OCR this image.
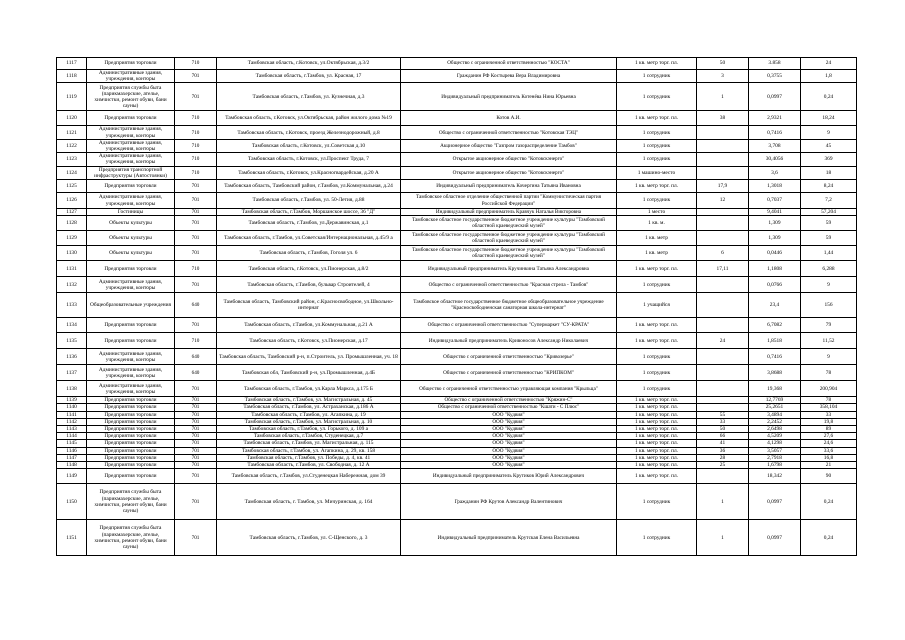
1117	Предприятия торговли	710	Тамбовская область, г.Котовск, ул.Октябрьская, д.3/2	Общество с ограниченной ответственностью "КОСТА"	1 кв. метр торг. пл.	50	3.858	24
1118	Административные здания, учреждения, конторы	701	Тамбовская область, г.Тамбов, ул. Красная, 17	Гражданин РФ Костырева Вера Владимировна	1 сотрудник	3	0,3755	1,8
1119	Предприятия службы быта (парикмахерские, ателье, химчистки, ремонт обуви, бани сауны)	701	Тамбовская область, г.Тамбов, ул. Кузнечная, д.3	Индивидуальный предприниматель Котенёва Нина Юрьевна	1 сотрудник	1	0,0997	0,24
1120	Предприятия торговли	710	Тамбовская область, г.Котовск, ул.Октябрьская, район жилого дома №19	Котов А.И.	1 кв. метр торг. пл.	38	2,9321	18,24
1121	Административные здания, учреждения, конторы	710	Тамбовская область, г.Котовск, проезд Железнодорожный, д.8	Общество с ограниченной ответственностью "Котовская ТЭЦ"	1 сотрудник		0,7416	9
1122	Административные здания, учреждения, конторы	710	Тамбовская область, г.Котовск, ул.Советская д.10	Акционерное общество "Газпром газораспределение Тамбов"	1 сотрудник		3,708	45
1123	Административные здания, учреждения, конторы	710	Тамбовская область, г.Котовск, ул.Проспект Труда, 7	Открытое акционерное общество "Котовскэнерго"	1 сотрудник		30,4056	369
1124	Предприятия транспортной инфраструктуры (Автостоянки)	710	Тамбовская область, г.Котовск, ул.Красногвардейская, д.20 А	Открытое акционерное общество "Котовскэнерго"	1 машино-место		3,6	18
1125	Предприятия торговли	701	Тамбовская область, Тамбовский район, г.Тамбов, ул.Коммунальная, д.24	Индивидуальный предприниматель Кочергина Татьяна Ивановна	1 кв. метр торг. пл.	17,9	1,3018	8,24
1126	Административные здания, учреждения, конторы	701	Тамбовская область, г.Тамбов, ул. 50-Летия, д.88	Тамбовское областное отделение общественной партии "Коммунистическая партия Российской Федерации"	1 сотрудник	12	0,7037	7,2
1127	Гостиницы	701	Тамбовская область, г.Тамбов, Моршанское шоссе, 36 "Д"	Индивидуальный предприниматель Кравчук Наталья Викторовна	1 место		9,4041	57,204
1128	Объекты культуры	701	Тамбовская область, г.Тамбов, ул.Державинская, д.1	Тамбовское областное государственное бюджетное учреждение культуры "Тамбовский областной краеведческий музей"	1 кв. м.		1,309	59
1129	Объекты культуры	701	Тамбовская область, г.Тамбов, ул.Советская/Интернациональная, д.45/9 а	Тамбовское областное государственное бюджетное учреждение культуры "Тамбовский областной краеведческий музей"	1 кв. метр		1,309	59
1130	Объекты культуры	701	Тамбовская область, г.Тамбов, Гоголя ул. 6	Тамбовское областное государственное бюджетное учреждение культуры "Тамбовский областной краеведческий музей"	1 кв. метр	6	0,0446	1,44
1131	Предприятия торговли	710	Тамбовская область, г.Котовск, ул.Пионерская, д.8/2	Индивидуальный предприниматель Кручинкина Татьяна Александровна	1 кв. метр торг. пл.	17,11	1,1808	6,288
1132	Административные здания, учреждения, конторы	701	Тамбовская область, г.Тамбов, бульвар Строителей, 4	Общество с ограниченной ответственностью "Красная стрела - Тамбов"	1 сотрудник		0,0766	9
1133	Общеобразовательные учреждения	640	Тамбовская область, Тамбовский район, с.Красносвободное, ул.Школьно-интернат	Тамбовское областное государственное бюджетное общеобразовательное учреждение "Красносвободненская санаторная школа-интернат"	1 учащийся		23,4	156
1134	Предприятия торговли	701	Тамбовская область, г.Тамбов, ул.Коммунальная, д.21 А	Общество с ограниченной ответственностью "Супермаркет "СУ-КРАТА"	1 кв. метр торг. пл.		6,7082	79
1135	Предприятия торговли	710	Тамбовская область, г.Котовск, ул.Пионерская, д.17	Индивидуальный предприниматель Кривоносов Александр Николаевич	1 кв. метр торг. пл.	24	1,8518	11,52
1136	Административные здания, учреждения, конторы	640	Тамбовская область, Тамбовский р-н, п.Строитель, ул. Промышленная, уч. 18	Общество с ограниченной ответственностью "Кривозерье"	1 сотрудник		0,7416	9
1137	Административные здания, учреждения, конторы	640	Тамбовская обл, Тамбовский р-н, ул.Промышленная, д.4Б	Общество с ограниченной ответственностью "КРИПКОМ"	1 сотрудник		3,8688	78
1138	Административные здания, учреждения, конторы	701	Тамбовская область, г.Тамбов, ул.Карла Маркса, д.175 Б	Общество с ограниченной ответственностью управляющая компания "Крыльца"	1 сотрудник		19,368	200,904
1139	Предприятия торговли	701	Тамбовская область, г.Тамбов, ул. Магистральная, д. 45	Общество с ограниченной ответственностью "Кряжин-С"	1 кв. метр торг. пл.		12,7769	78
1140	Предприятия торговли	701	Тамбовская область, г.Тамбов, ул. Астраханская, д.186 А	Общество с ограниченной ответственностью "Кшати - С Плюс"	1 кв. метр торг. пл.		25,2651	358,104
1141	Предприятия торговли	701	Тамбовская область, г.Тамбов, ул. Агапкина, д. 19	ООО "Кудвия"	1 кв. метр торг. пл.	55	3,4894	33
1142	Предприятия торговли	701	Тамбовская область, г.Тамбов, ул. Магистральная, д. 10	ООО "Кудвия"	1 кв. метр торг. пл.	33	2,2452	19,8
1143	Предприятия торговли	701	Тамбовская область, г.Тамбов, ул. Горького, д. 109 а	ООО "Кудвия"	1 кв. метр торг. пл.	50	2,6498	89
1144	Предприятия торговли	701	Тамбовская область, г.Тамбов, Студенецкая, д.7	ООО "Кудвия"	1 кв. метр торг. пл.	66	4,5209	27,6
1145	Предприятия торговли	701	Тамбовская область, г.Тамбов, ул. Магистральная, д. 115	ООО "Кудвия"	1 кв. метр торг. пл.	41	4,1298	24,6
1146	Предприятия торговли	701	Тамбовская область, г.Тамбов, ул. Агапкина, д. 29, кв. 158	ООО "Кудвия"	1 кв. метр торг. пл.	36	3,5057	33,6
1147	Предприятия торговли	701	Тамбовская область, г.Тамбов, ул. Победы, д. 4, кв. 41	ООО "Кудвия"	1 кв. метр торг. пл.	28	2,7918	16,8
1148	Предприятия торговли	701	Тамбовская область, г.Тамбов, ул. Свободная, д. 12 А	ООО "Кудвия"	1 кв. метр торг. пл.	25	1,6798	21
1149	Предприятия торговли	701	Тамбовская область, г.Тамбов, ул.Студенецкая Набережная, дом 39	Индивидуальный предприниматель Крутиков Юрий Александрович	1 кв. метр торг. пл.		18,342	90
1150	Предприятия службы быта (парикмахерские, ателье, химчистки, ремонт обуви, бани сауны)	701	Тамбовская область, г. Тамбов, ул. Мичуринская, д. 164	Гражданин РФ Крутов Александр Валентинович	1 сотрудник	1	0,0997	0,24
1151	Предприятия службы быта (парикмахерские, ателье, химчистки, ремонт обуви, бани сауны)	701	Тамбовская область, г.Тамбов, ул. С-Щенского, д. 3	Индивидуальный предприниматель Крутская Елена Васильевна	1 сотрудник	1	0,0997	0,24
